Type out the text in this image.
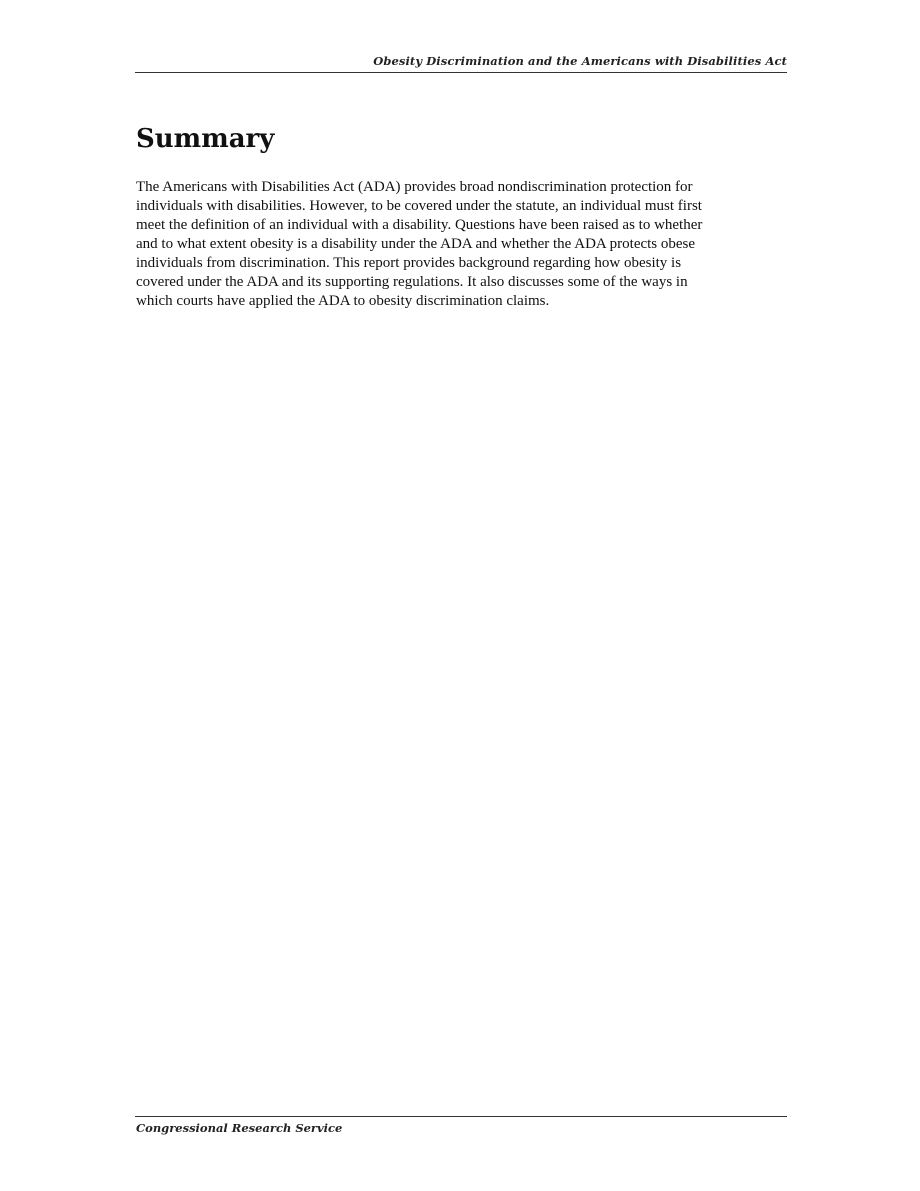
Obesity Discrimination and the Americans with Disabilities Act
Summary

The Americans with Disabilities Act (ADA) provides broad nondiscrimination protection for
individuals with disabilities. However, to be covered under the statute, an individual must first
meet the definition of an individual with a disability. Questions have been raised as to whether
and to what extent obesity is a disability under the ADA and whether the ADA protects obese
individuals from discrimination. This report provides background regarding how obesity is
covered under the ADA and its supporting regulations. It also discusses some of the ways in
which courts have applied the ADA to obesity discrimination claims.

Congressional Research Service
